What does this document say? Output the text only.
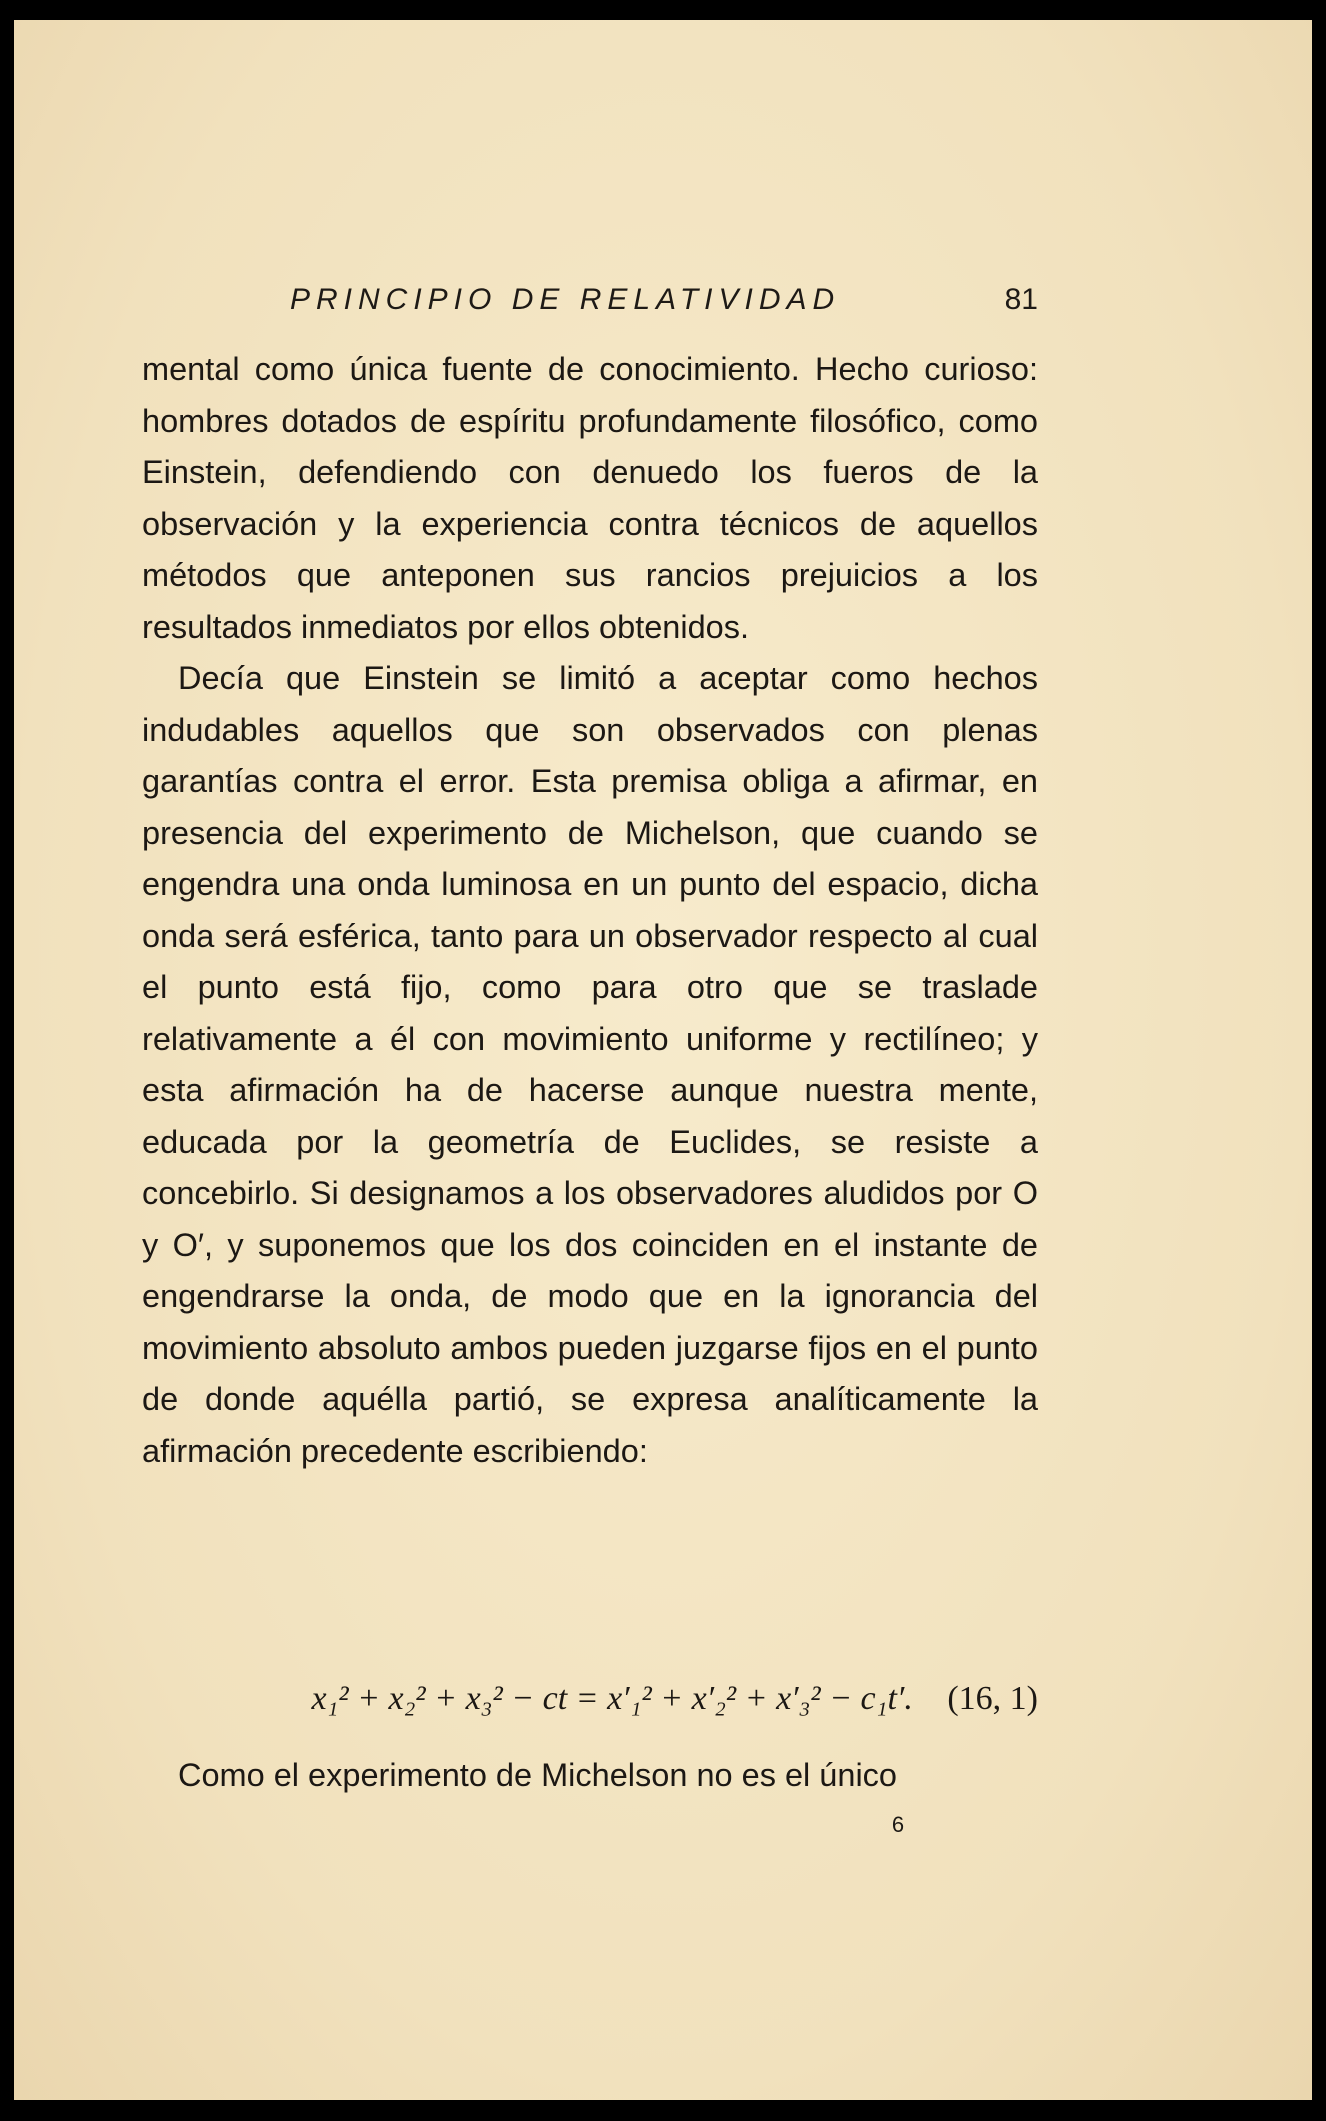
PRINCIPIO DE RELATIVIDAD	81

mental como única fuente de conocimiento. Hecho curioso: hombres dotados de espíritu profundamente filosófico, como Einstein, defendiendo con denuedo los fueros de la observación y la experiencia contra técnicos de aquellos métodos que anteponen sus rancios prejuicios a los resultados inmediatos por ellos obtenidos.

Decía que Einstein se limitó a aceptar como hechos indudables aquellos que son observados con plenas garantías contra el error. Esta premisa obliga a afirmar, en presencia del experimento de Michelson, que cuando se engendra una onda luminosa en un punto del espacio, dicha onda será esférica, tanto para un observador respecto al cual el punto está fijo, como para otro que se traslade relativamente a él con movimiento uniforme y rectilíneo; y esta afirmación ha de hacerse aunque nuestra mente, educada por la geometría de Euclides, se resiste a concebirlo. Si designamos a los observadores aludidos por O y O′, y suponemos que los dos coinciden en el instante de engendrarse la onda, de modo que en la ignorancia del movimiento absoluto ambos pueden juzgarse fijos en el punto de donde aquélla partió, se expresa analíticamente la afirmación precedente escribiendo:

x₁² + x₂² + x₃² − ct = x′₁² + x′₂² + x′₃² − c₁t′. (16, 1)
Como el experimento de Michelson no es el único
6
